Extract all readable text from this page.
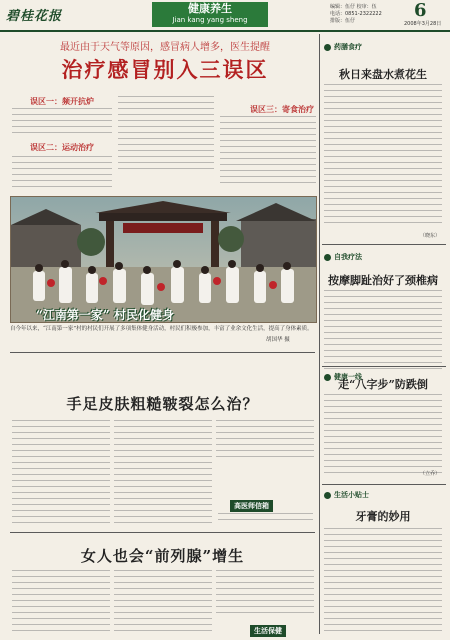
碧桂花报
健康养生
Jian kang yang sheng
编辑：伍仔 校审：伍
电话：0851-2322222
排版：伍仔	6
2008年3月28日
最近由于天气等原因，感冒病人增多，医生提醒
治疗感冒别入三误区
误区一：频开抗炉
误区二：运动治疗
误区三：寄食治疗
“江南第一家” 村民化健身
自今年以来，“江南第一家”村的村民们开展了多项集体健身活动，村民们积极参加，丰富了业余文化生活，提高了身体素质。
胡国华 摄
手足皮肤粗糙皲裂怎么治？
高医师信箱
女人也会“前列腺”增生
生活保健
药膳食疗
秋日来盘水煮花生
（晓东）
自我疗法
按摩脚趾治好了颈椎病
健康一线
走“八字步”防跌倒
（立乔）
生活小贴士
牙膏的妙用
